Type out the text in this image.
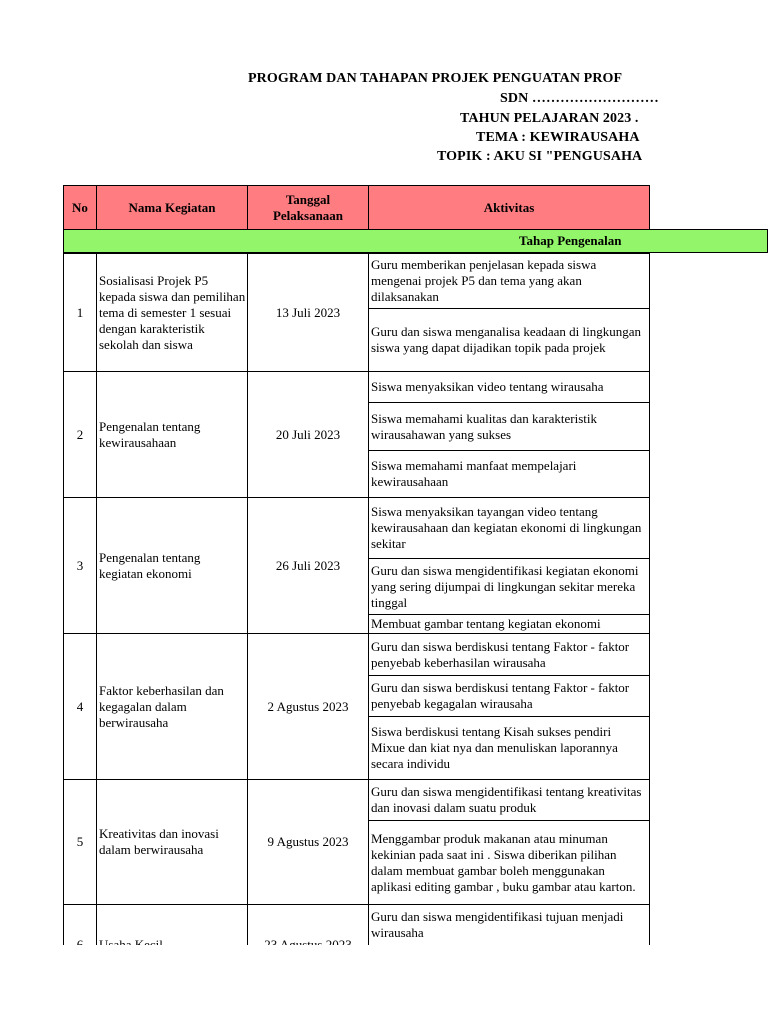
PROGRAM DAN TAHAPAN PROJEK PENGUATAN PROF
SDN ………………………
TAHUN PELAJARAN 2023 .
TEMA : KEWIRAUSAHA
TOPIK : AKU SI "PENGUSAHA
No	Nama Kegiatan
Tanggal Pelaksanaan
Aktivitas
Tahap Pengenalan
1
Sosialisasi Projek P5 kepada siswa dan pemilihan tema di semester 1 sesuai dengan karakteristik sekolah dan siswa
13 Juli 2023
Guru memberikan penjelasan kepada siswa mengenai projek P5 dan tema yang akan dilaksanakan
Guru dan siswa menganalisa keadaan di lingkungan siswa yang dapat dijadikan topik pada projek
2
Pengenalan tentang kewirausahaan
20 Juli 2023
Siswa menyaksikan video tentang wirausaha
Siswa memahami kualitas dan karakteristik wirausahawan yang sukses
Siswa memahami manfaat mempelajari kewirausahaan
3
Pengenalan tentang kegiatan ekonomi
26 Juli 2023
Siswa menyaksikan tayangan video tentang kewirausahaan dan kegiatan ekonomi di lingkungan sekitar
Guru dan siswa mengidentifikasi kegiatan ekonomi yang sering dijumpai di lingkungan sekitar mereka tinggal
Membuat gambar tentang kegiatan ekonomi
4
Faktor keberhasilan dan kegagalan dalam berwirausaha
2 Agustus 2023
Guru dan siswa berdiskusi tentang Faktor - faktor penyebab keberhasilan wirausaha
Guru dan siswa berdiskusi tentang Faktor - faktor penyebab kegagalan wirausaha
Siswa berdiskusi tentang Kisah sukses pendiri Mixue dan kiat nya dan menuliskan laporannya secara individu
5
Kreativitas dan inovasi dalam berwirausaha
9 Agustus 2023
Guru dan siswa mengidentifikasi tentang kreativitas dan inovasi dalam suatu produk
Menggambar produk makanan atau minuman kekinian pada saat ini . Siswa diberikan pilihan dalam membuat gambar boleh menggunakan aplikasi editing gambar , buku gambar atau karton.
Guru dan siswa mengidentifikasi tujuan menjadi wirausaha
